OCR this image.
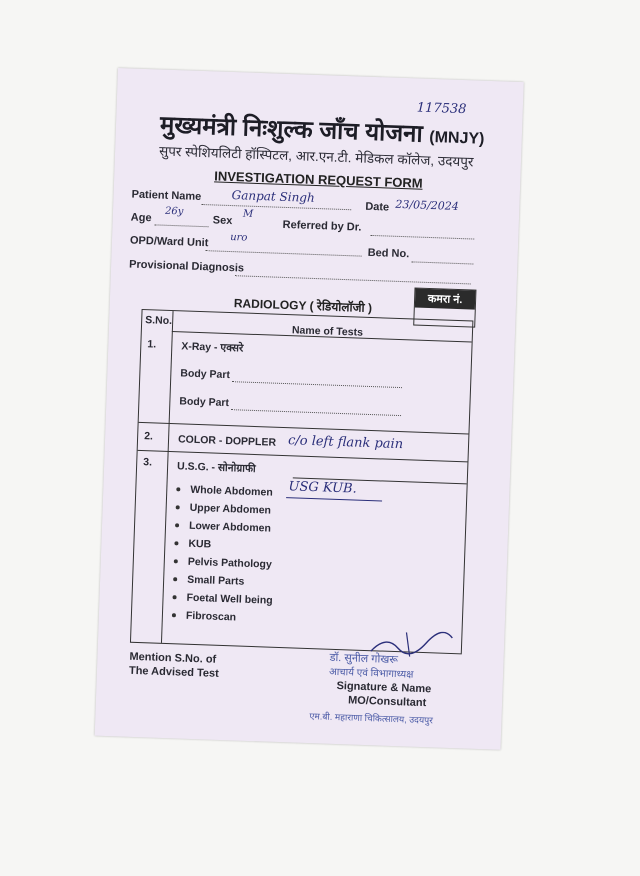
117538
मुख्यमंत्री निःशुल्क जाँच योजना (MNJY)
सुपर स्पेशियलिटी हॉस्पिटल, आर.एन.टी. मेडिकल कॉलेज, उदयपुर
INVESTIGATION REQUEST FORM
Patient Name Ganpat Singh
Date 23/05/2024
Age 26y
Sex
M
Referred by Dr.
OPD/Ward Unit uro
Bed No.
Provisional Diagnosis
RADIOLOGY ( रेडियोलॉजी )	कमरा नं.
S.No.
Name of Tests
1. X-Ray - एक्सरे
Body Part
Body Part
2. COLOR - DOPPLER c/o left flank pain
3. U.S.G. - सोनोग्राफी
USG KUB.
Whole Abdomen
Upper Abdomen
Lower Abdomen
KUB
Pelvis Pathology
Small Parts
Foetal Well being
Fibroscan
Mention S.No. of
The Advised Test
डॉ. सुनील गोखरू
आचार्य एवं विभागाध्यक्ष
Signature & Name
MO/Consultant
एम.बी. महाराणा चिकित्सालय, उदयपुर
